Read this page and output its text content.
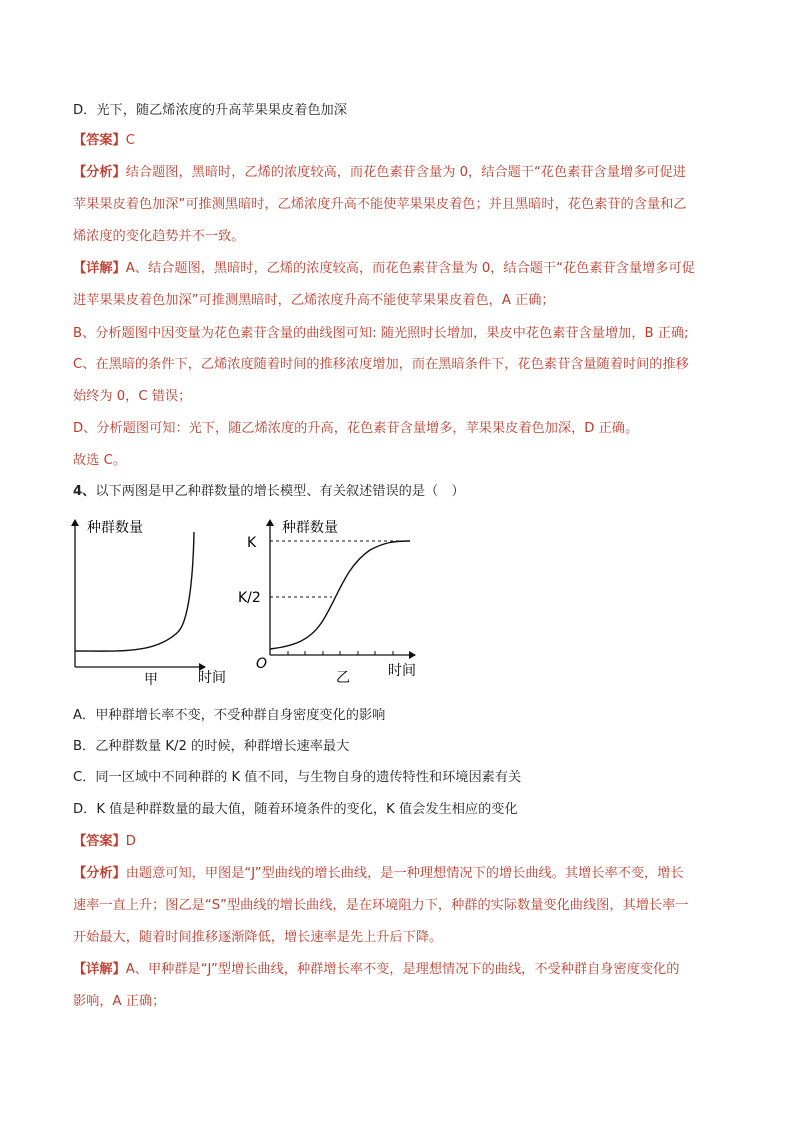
D．光下，随乙烯浓度的升高苹果果皮着色加深
【答案】C
【分析】结合题图，黑暗时，乙烯的浓度较高，而花色素苷含量为 0，结合题干“花色素苷含量增多可促进
苹果果皮着色加深”可推测黑暗时，乙烯浓度升高不能使苹果果皮着色；并且黑暗时，花色素苷的含量和乙
烯浓度的变化趋势并不一致。
【详解】A、结合题图，黑暗时，乙烯的浓度较高，而花色素苷含量为 0，结合题干“花色素苷含量增多可促
进苹果果皮着色加深”可推测黑暗时，乙烯浓度升高不能使苹果果皮着色，A 正确；
B、分析题图中因变量为花色素苷含量的曲线图可知: 随光照时长增加，果皮中花色素苷含量增加，B 正确;
C、在黑暗的条件下，乙烯浓度随着时间的推移浓度增加，而在黑暗条件下，花色素苷含量随着时间的推移
始终为 0，C 错误；
D、分析题图可知：光下，随乙烯浓度的升高，花色素苷含量增多，苹果果皮着色加深，D 正确。
故选 C。
4、以下两图是甲乙种群数量的增长模型、有关叙述错误的是（　）
种群数量
时间
甲
种群数量
K
K/2
O	时间
乙
A．甲种群增长率不变，不受种群自身密度变化的影响
B．乙种群数量 K/2 的时候，种群增长速率最大
C．同一区域中不同种群的 K 值不同，与生物自身的遗传特性和环境因素有关
D．K 值是种群数量的最大值，随着环境条件的变化，K 值会发生相应的变化
【答案】D
【分析】由题意可知，甲图是“J”型曲线的增长曲线，是一种理想情况下的增长曲线。其增长率不变，增长
速率一直上升；图乙是“S”型曲线的增长曲线，是在环境阻力下，种群的实际数量变化曲线图，其增长率一
开始最大，随着时间推移逐渐降低，增长速率是先上升后下降。
【详解】A、甲种群是“J”型增长曲线，种群增长率不变，是理想情况下的曲线，不受种群自身密度变化的
影响，A 正确；
